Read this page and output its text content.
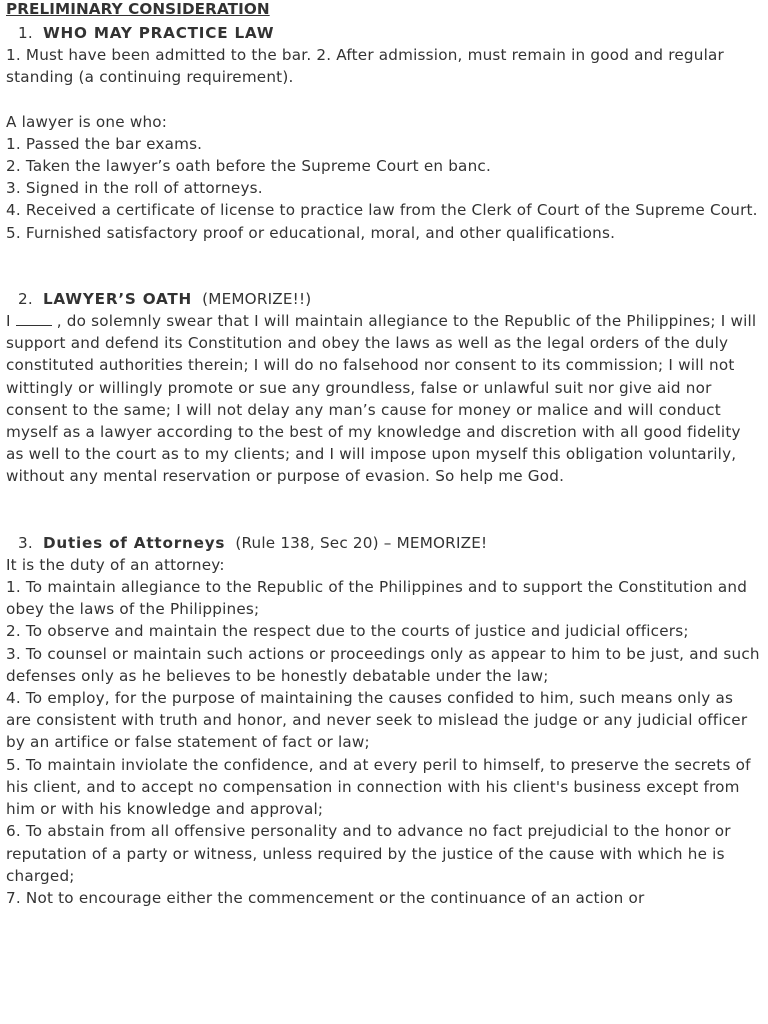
PRELIMINARY CONSIDERATION
1. WHO MAY PRACTICE LAW

1. Must have been admitted to the bar. 2. After admission, must remain in good and regular standing (a continuing requirement).

A lawyer is one who:

1. Passed the bar exams.

2. Taken the lawyer’s oath before the Supreme Court en banc.

3. Signed in the roll of attorneys.

4. Received a certificate of license to practice law from the Clerk of Court of the Supreme Court.

5. Furnished satisfactory proof or educational, moral, and other qualifications.

2. LAWYER’S OATH (MEMORIZE!!)

I	, do solemnly swear that I will maintain allegiance to the Republic of the Philippines; I will support and defend its Constitution and obey the laws as well as the legal orders of the duly constituted authorities therein; I will do no falsehood nor consent to its commission; I will not wittingly or willingly promote or sue any groundless, false or unlawful suit nor give aid nor consent to the same; I will not delay any man’s cause for money or malice and will conduct myself as a lawyer according to the best of my knowledge and discretion with all good fidelity as well to the court as to my clients; and I will impose upon myself this obligation voluntarily, without any mental reservation or purpose of evasion. So help me God.

3. Duties of Attorneys (Rule 138, Sec 20) – MEMORIZE!

It is the duty of an attorney:

1. To maintain allegiance to the Republic of the Philippines and to support the Constitution and obey the laws of the Philippines;

2. To observe and maintain the respect due to the courts of justice and judicial officers;

3. To counsel or maintain such actions or proceedings only as appear to him to be just, and such defenses only as he believes to be honestly debatable under the law;

4. To employ, for the purpose of maintaining the causes confided to him, such means only as are consistent with truth and honor, and never seek to mislead the judge or any judicial officer by an artifice or false statement of fact or law;

5. To maintain inviolate the confidence, and at every peril to himself, to preserve the secrets of his client, and to accept no compensation in connection with his client's business except from him or with his knowledge and approval;

6. To abstain from all offensive personality and to advance no fact prejudicial to the honor or reputation of a party or witness, unless required by the justice of the cause with which he is charged;

7. Not to encourage either the commencement or the continuance of an action or
